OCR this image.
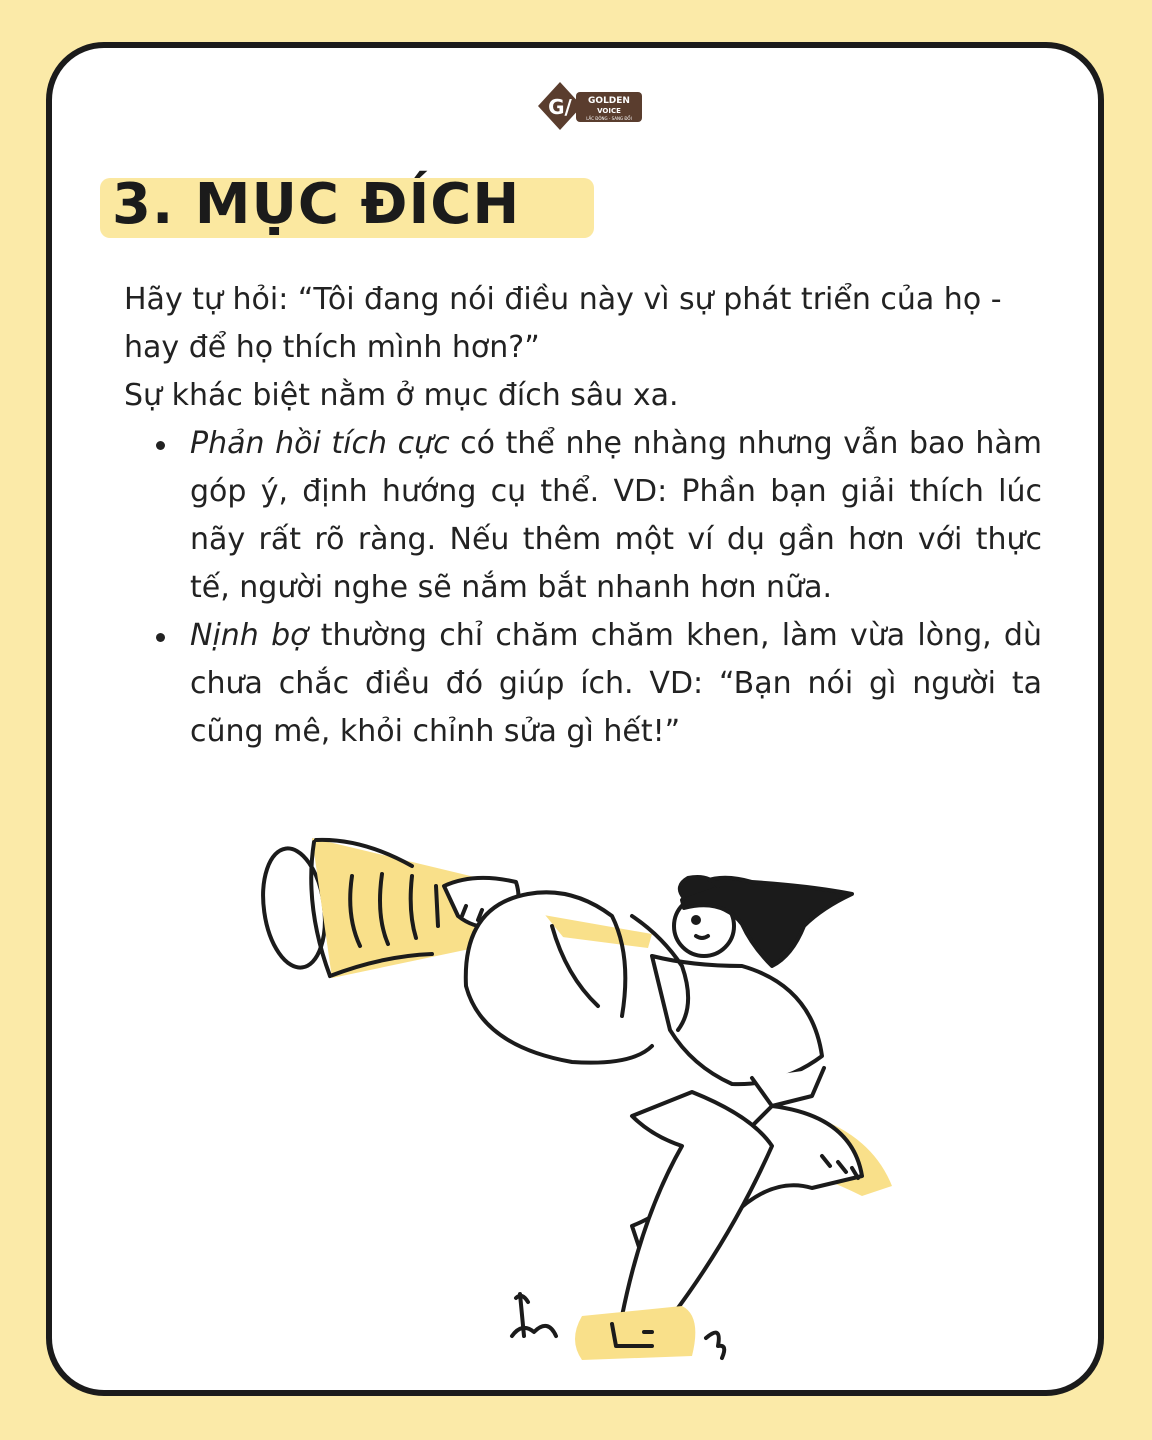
G/ GOLDEN
VOICE
LẮC ĐÔNG - SANG ĐỔI
3. MỤC ĐÍCH

Hãy tự hỏi: “Tôi đang nói điều này vì sự phát triển của họ - hay để họ thích mình hơn?”

Sự khác biệt nằm ở mục đích sâu xa.

Phản hồi tích cực có thể nhẹ nhàng nhưng vẫn bao hàm góp ý, định hướng cụ thể. VD: Phần bạn giải thích lúc nãy rất rõ ràng. Nếu thêm một ví dụ gần hơn với thực tế, người nghe sẽ nắm bắt nhanh hơn nữa.
Nịnh bợ thường chỉ chăm chăm khen, làm vừa lòng, dù chưa chắc điều đó giúp ích. VD: “Bạn nói gì người ta cũng mê, khỏi chỉnh sửa gì hết!”
